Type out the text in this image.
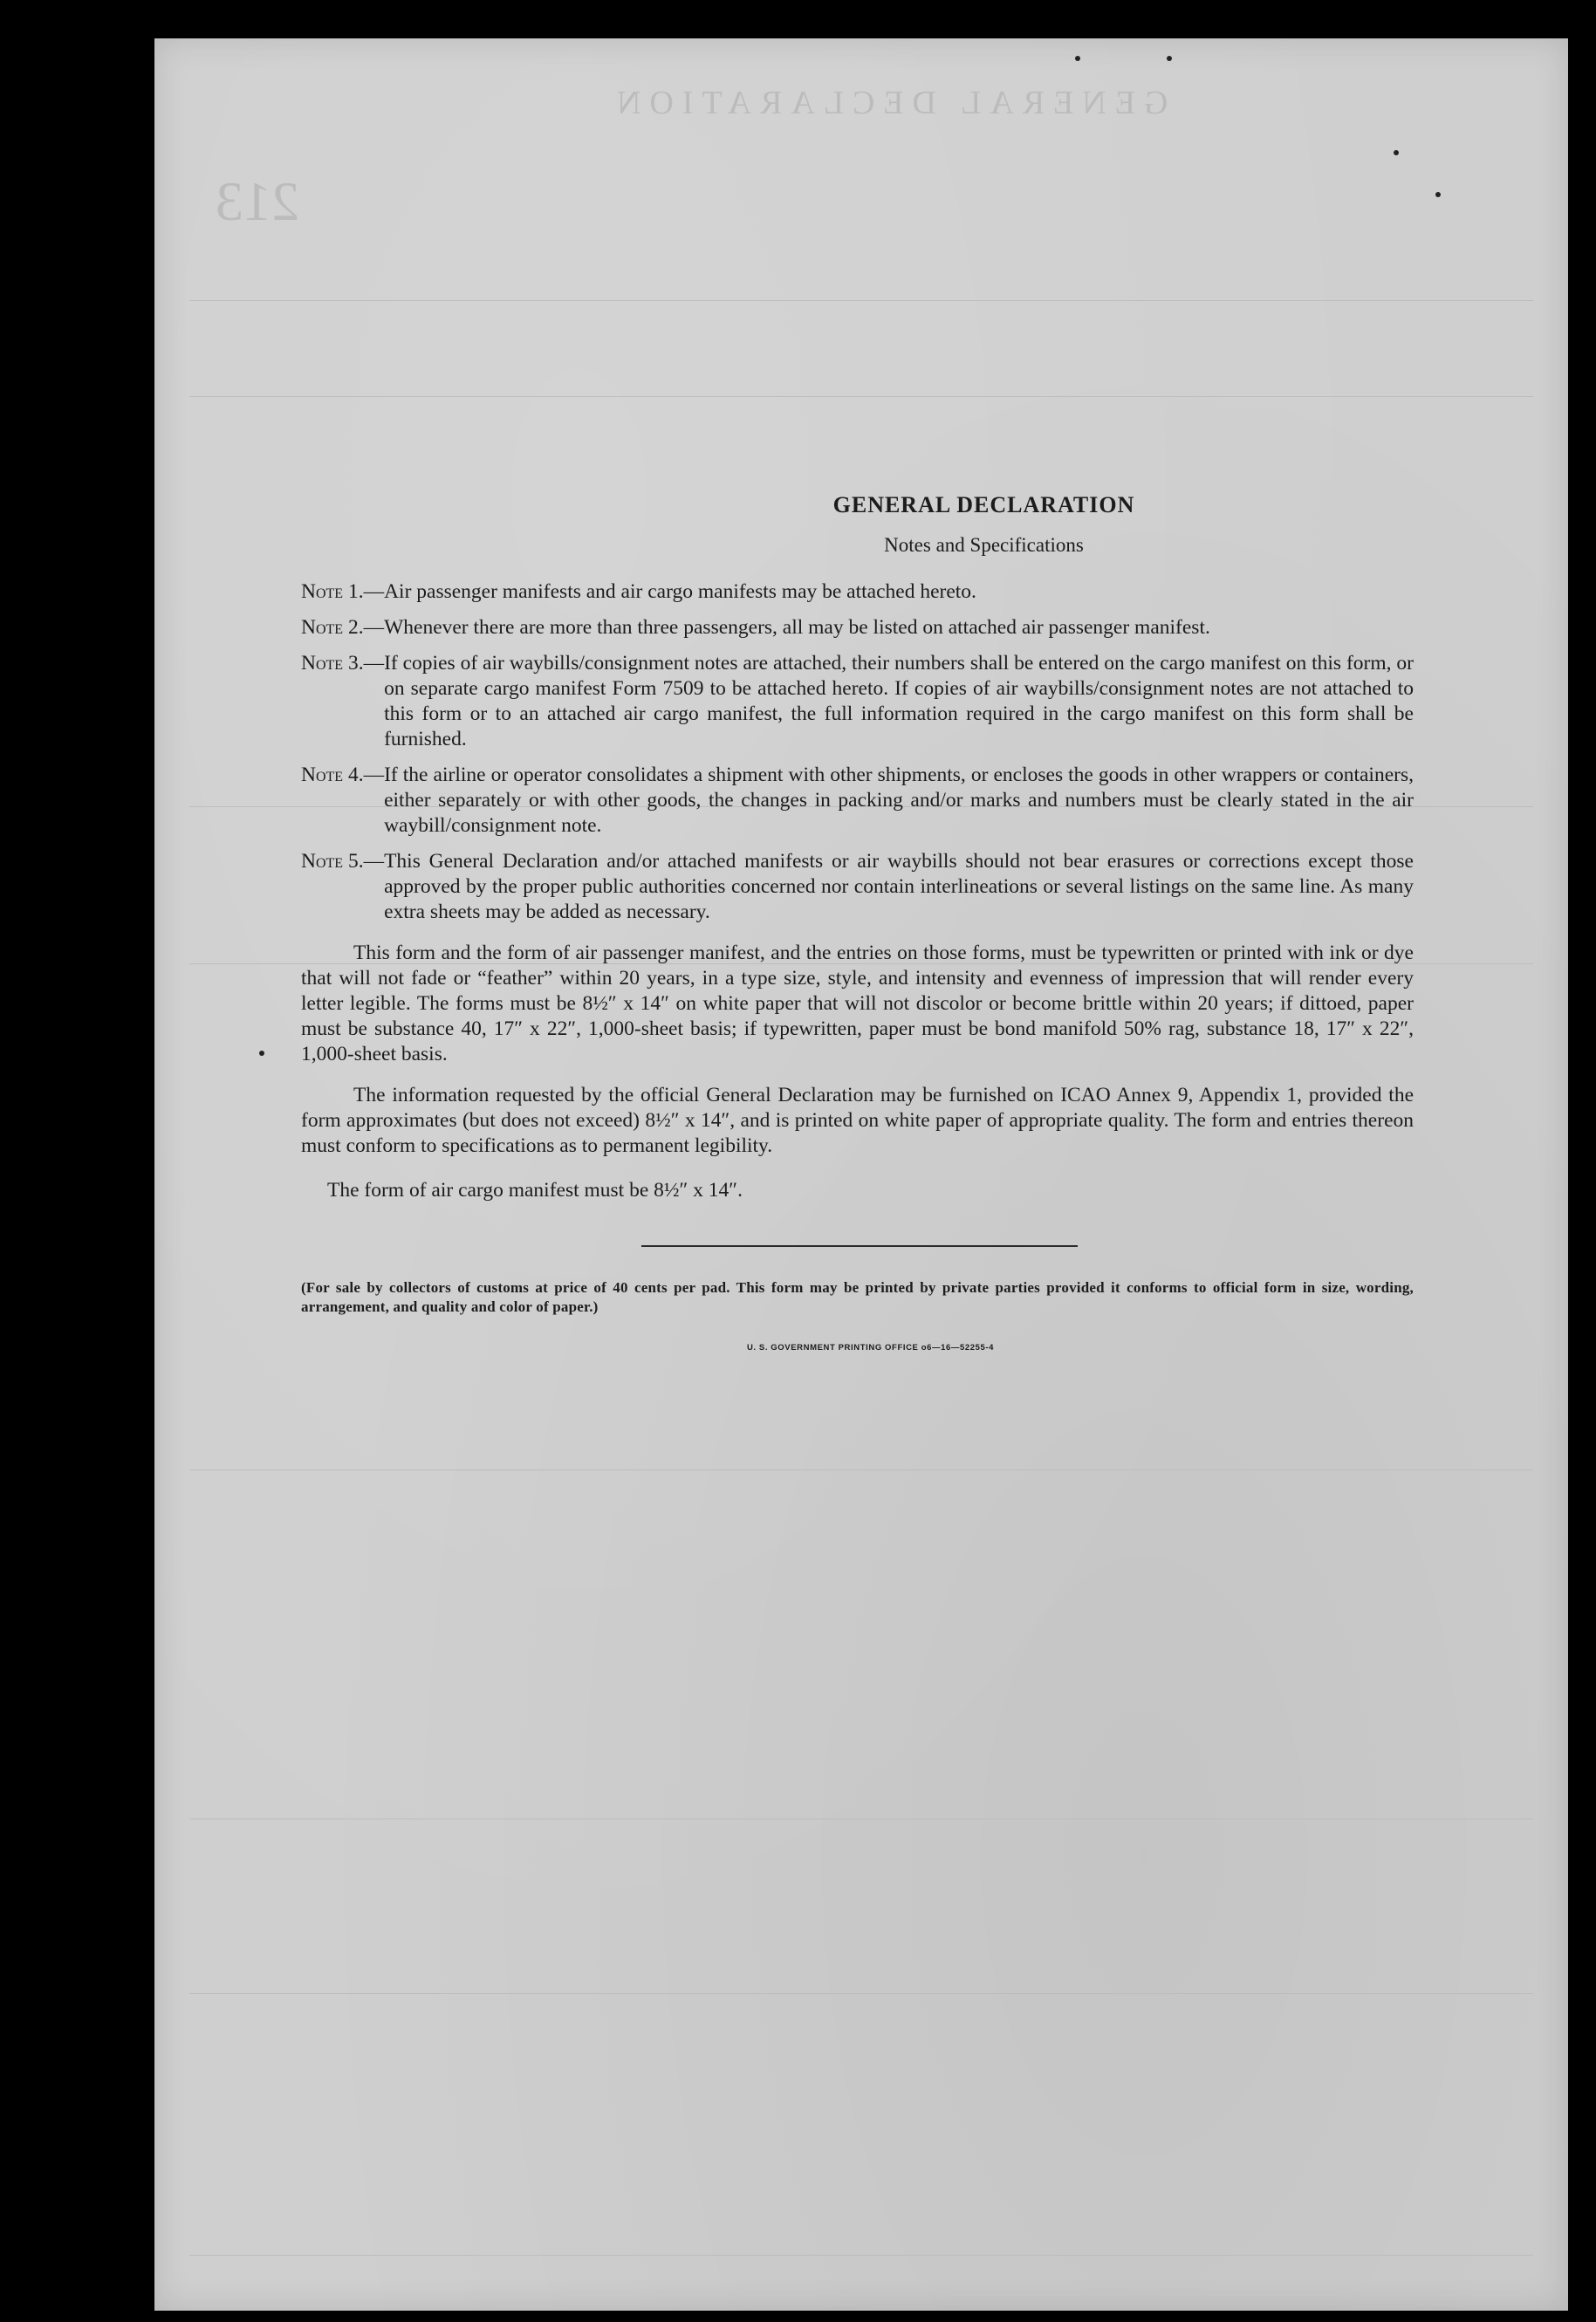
213
GENERAL DECLARATION
GENERAL DECLARATION
Notes and Specifications
Note 1.— Air passenger manifests and air cargo manifests may be attached hereto.
Note 2.— Whenever there are more than three passengers, all may be listed on attached air passenger manifest.
Note 3.— If copies of air waybills/consignment notes are attached, their numbers shall be entered on the cargo manifest on this form, or on separate cargo manifest Form 7509 to be attached hereto. If copies of air waybills/consignment notes are not attached to this form or to an attached air cargo manifest, the full information required in the cargo manifest on this form shall be furnished.
Note 4.— If the airline or operator consolidates a shipment with other shipments, or encloses the goods in other wrappers or containers, either separately or with other goods, the changes in packing and/or marks and numbers must be clearly stated in the air waybill/consignment note.
Note 5.— This General Declaration and/or attached manifests or air waybills should not bear erasures or corrections except those approved by the proper public authorities concerned nor contain interlineations or several listings on the same line. As many extra sheets may be added as necessary.

This form and the form of air passenger manifest, and the entries on those forms, must be typewritten or printed with ink or dye that will not fade or “feather” within 20 years, in a type size, style, and intensity and evenness of impression that will render every letter legible. The forms must be 8½″ x 14″ on white paper that will not discolor or become brittle within 20 years; if dittoed, paper must be substance 40, 17″ x 22″, 1,000-sheet basis; if typewritten, paper must be bond manifold 50% rag, substance 18, 17″ x 22″, 1,000-sheet basis.

The information requested by the official General Declaration may be furnished on ICAO Annex 9, Appendix 1, provided the form approximates (but does not exceed) 8½″ x 14″, and is printed on white paper of appropriate quality. The form and entries thereon must conform to specifications as to permanent legibility.

The form of air cargo manifest must be 8½″ x 14″.

(For sale by collectors of customs at price of 40 cents per pad. This form may be printed by private parties provided it conforms to official form in size, wording, arrangement, and quality and color of paper.)

U. S. GOVERNMENT PRINTING OFFICE o6—16—52255-4
